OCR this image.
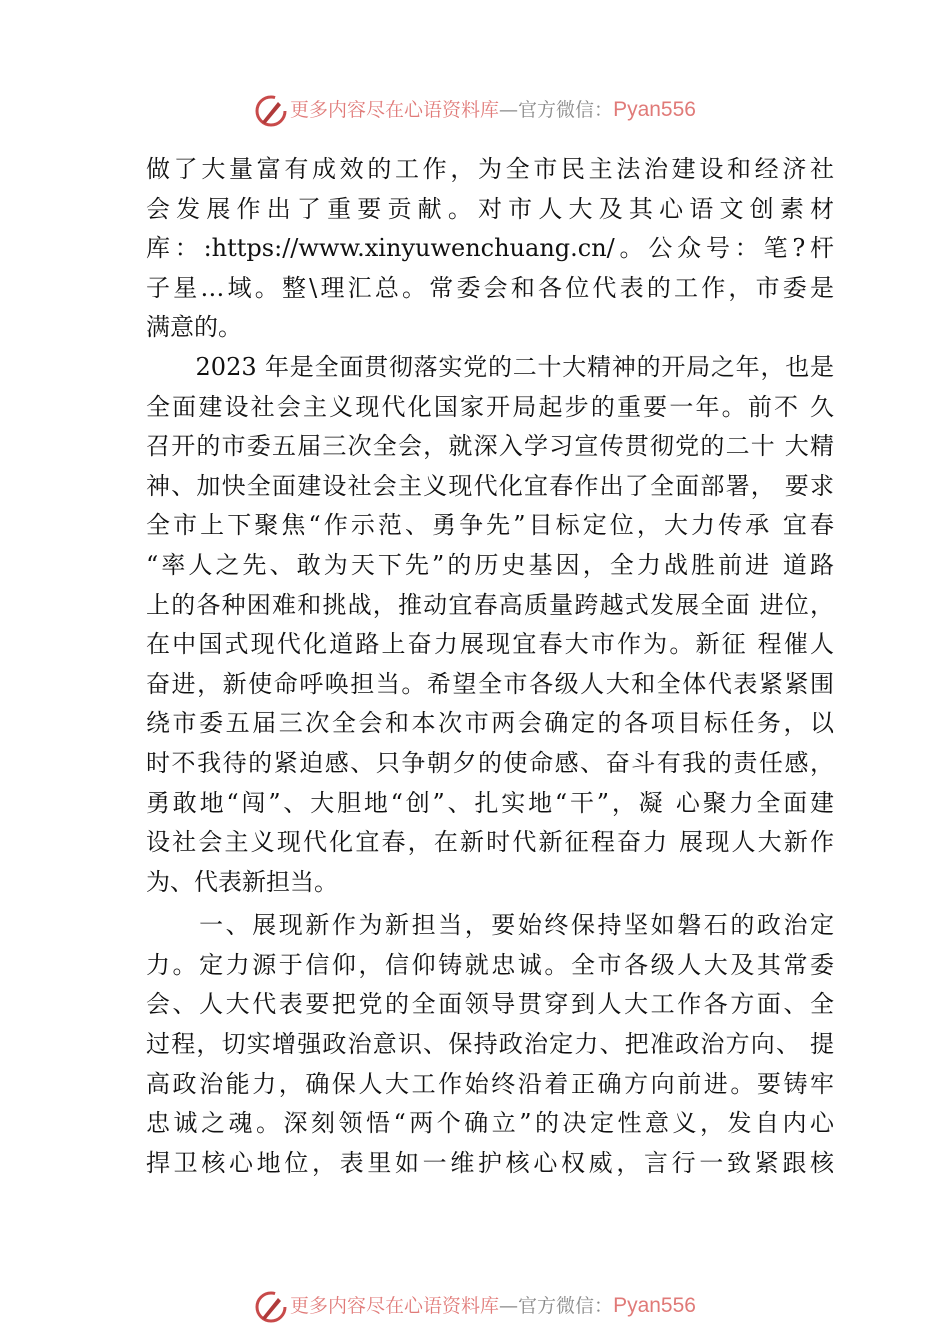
更多内容尽在心语资料库—官方微信：Pyan556
做了大量富有成效的工作，为全市民主法治建设和经济社
会发展作出了重要贡献。对市人大及其心语文创素材
库：:https://www.xinyuwenchuang.cn/。公众号：笔?杆
子星…域。整\理汇总。常委会和各位代表的工作，市委是
满意的。
　　2023 年是全面贯彻落实党的二十大精神的开局之年，也是
全面建设社会主义现代化国家开局起步的重要一年。前不 久
召开的市委五届三次全会，就深入学习宣传贯彻党的二十 大精
神、加快全面建设社会主义现代化宜春作出了全面部署， 要求
全市上下聚焦“作示范、勇争先”目标定位，大力传承 宜春
“率人之先、敢为天下先”的历史基因，全力战胜前进 道路
上的各种困难和挑战，推动宜春高质量跨越式发展全面 进位，
在中国式现代化道路上奋力展现宜春大市作为。新征 程催人
奋进，新使命呼唤担当。希望全市各级人大和全体代表紧紧围
绕市委五届三次全会和本次市两会确定的各项目标任务，以
时不我待的紧迫感、只争朝夕的使命感、奋斗有我的责任感，
勇敢地“闯”、大胆地“创”、扎实地“干”，凝 心聚力全面建
设社会主义现代化宜春，在新时代新征程奋力 展现人大新作
为、代表新担当。
　　一、展现新作为新担当，要始终保持坚如磐石的政治定
力。定力源于信仰，信仰铸就忠诚。全市各级人大及其常委
会、人大代表要把党的全面领导贯穿到人大工作各方面、全
过程，切实增强政治意识、保持政治定力、把准政治方向、 提
高政治能力，确保人大工作始终沿着正确方向前进。要铸牢
忠诚之魂。深刻领悟“两个确立”的决定性意义，发自内心
捍卫核心地位，表里如一维护核心权威，言行一致紧跟核
更多内容尽在心语资料库—官方微信：Pyan556
